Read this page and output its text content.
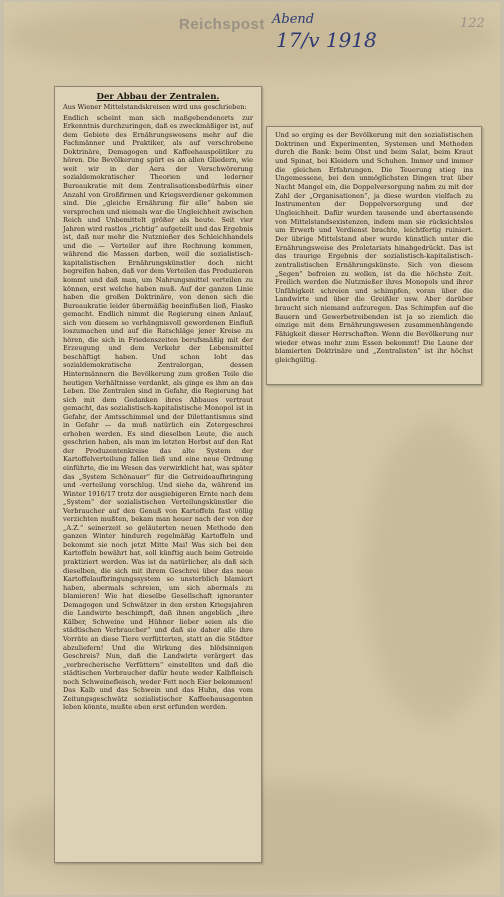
Reichspost Abend
17/v 1918
122
Der Abbau der Zentralen.

Aus Wiener Mittelstandskreisen wird uns geschrieben:

Endlich scheint man sich maßgebendenorts zur Erkenntnis durchzuringen, daß es zweckmäßiger ist, auf dem Gebiete des Ernährungswesens mehr auf die Fachmänner und Praktiker, als auf verschrobene Doktrinäre, Demagogen und Kaffeehauspolitiker zu hören. Die Bevölkerung spürt es an allen Gliedern, wie weit wir in der Aera der Verschwörerung sozialdemokratischer Theorien und lederner Bureaukratie mit dem Zentralisationsbedürfnis einer Anzahl von Großfirmen und Kriegsverdiener gekommen sind. Die „gleiche Ernährung für alle“ haben sie versprochen und niemals war die Ungleichheit zwischen Reich und Unbemittelt größer als heute. Seit vier Jahren wird rastlos „richtig“ aufgeteilt und das Ergebnis ist, daß nur mehr die Nutznießer des Schleichhandels und die — Verteiler auf ihre Rechnung kommen, während die Massen darben, weil die sozialistisch-kapitalistischen Ernährungskünstler doch nicht begreifen haben, daß vor dem Verteilen das Produzieren kommt und daß man, um Nahrungsmittel verteilen zu können, erst welche haben muß. Auf der ganzen Linie haben die großen Doktrinäre, von denen sich die Bureaukratie leider übermäßig beeinflußen ließ, Fiasko gemacht. Endlich nimmt die Regierung einen Anlauf, sich von diesem so verhängnisvoll gewordenen Einfluß loszumachen und auf die Ratschläge jener Kreise zu hören, die sich in Friedenszeiten berufsmäßig mit der Erzeugung und dem Verkehr der Lebensmittel beschäftigt haben. Und schon lobt das sozialdemokratische Zentralorgan, dessen Hintermännern die Bevölkerung zum großen Teile die heutigen Verhältnisse verdankt, als ginge es ihm an das Leben. Die Zentralen sind in Gefahr, die Regierung hat sich mit dem Gedanken ihres Abbaues vertraut gemacht, das sozialistisch-kapitalistische Monopol ist in Gefahr, der Amtsschimmel und der Dilettantismus sind in Gefahr — da muß natürlich ein Zetergeschrei erhoben werden. Es sind dieselben Leute, die auch geschrien haben, als man im letzten Herbst auf den Rat der Produzentenkreise das alte System der Kartoffelverteilung fallen ließ und eine neue Ordnung einführte, die im Wesen das verwirklicht hat, was später das „System Schönauer“ für die Getreideaufbringung und -verteilung vorschlug. Und siehe da, während im Winter 1916/17 trotz der ausgiebigeren Ernte nach dem „System“ der sozialistischen Verteilungskünstler die Verbraucher auf den Genuß von Kartoffeln fast völlig verzichten mußten, bekam man heuer nach der von der „A.Z.“ seinerzeit so geläuterten neuen Methode den ganzen Winter hindurch regelmäßig Kartoffeln und bekommt sie noch jetzt Mitte Mai! Was sich bei den Kartoffeln bewährt hat, soll künftig auch beim Getreide praktiziert werden. Was ist da natürlicher, als daß sich dieselben, die sich mit ihrem Geschrei über das neue Kartoffelaufbringungssystem so unsterblich blamiert haben, abermals schreien, um sich abermals zu blamieren! Wie hat dieselbe Gesellschaft ignoranter Demagogen und Schwätzer in den ersten Kriegsjahren die Landwirte beschimpft, daß ihnen angeblich „ihre Kälber, Schweine und Hühner lieber seien als die städtischen Verbraucher“ und daß sie daher alle ihre Vorräte an diese Tiere verfütterten, statt an die Städter abzuliefern! Und die Wirkung des blödsinnigen Geschreis? Nun, daß die Landwirte verärgert das „verbrecherische Verfüttern“ einstellten und daß die städtischen Verbraucher dafür heute weder Kalbfleisch noch Schweinefleisch, weder Fett noch Eier bekommen! Das Kalb und das Schwein und das Huhn, das vom Zeitungsgeschwätz sozialistischer Kaffeehausagenten leben könnte, mußte eben erst erfunden werden.

Und so erging es der Bevölkerung mit den sozialistischen Doktrinen und Experimenten, Systemen und Methoden durch die Bank: beim Obst und beim Salat, beim Kraut und Spinat, bei Kleidern und Schuhen. Immer und immer die gleichen Erfahrungen. Die Teuerung stieg ins Ungemessene, bei den unmöglichsten Dingen trat über Nacht Mangel ein, die Doppelversorgung nahm zu mit der Zahl der „Organisationen“, ja diese wurden vielfach zu Instrumenten der Doppelversorgung und der Ungleichheit. Dafür wurden tausende und abertausende von Mittelstandsexistenzen, indem man sie rücksichtslos um Erwerb und Verdienst brachte, leichtfertig ruiniert. Der übrige Mittelstand aber wurde künstlich unter die Ernährungsweise des Proletariats hinabgedrückt. Das ist das traurige Ergebnis der sozialistisch-kapitalistisch-zentralistischen Ernährungskünste. Sich von diesem „Segen“ befreien zu wollen, ist da die höchste Zeit. Freilich werden die Nutznießer ihres Monopols und ihrer Unfähigkeit schreien und schimpfen, voran über die Landwirte und über die Greißler usw. Aber darüber braucht sich niemand aufzuregen. Das Schimpfen auf die Bauern und Gewerbetreibenden ist ja so ziemlich die einzige mit dem Ernährungswesen zusammenhängende Fähigkeit dieser Herrschaften. Wenn die Bevölkerung nur wieder etwas mehr zum Essen bekommt! Die Laune der blamierten Doktrinäre und „Zentralisten“ ist ihr höchst gleichgültig.
